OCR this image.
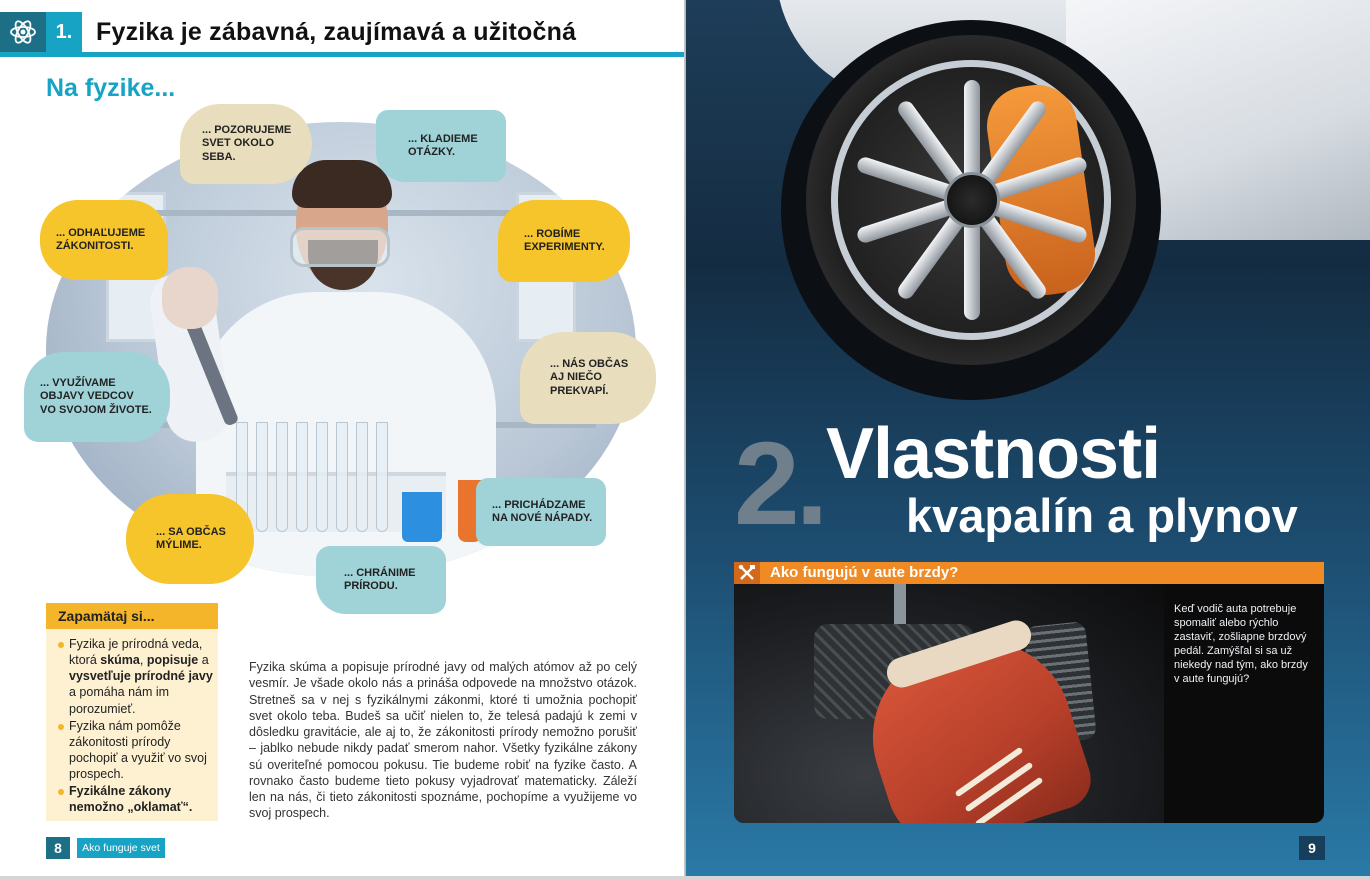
1. Fyzika je zábavná, zaujímavá a užitočná
Na fyzike...
... POZORUJEME
SVET OKOLO
SEBA.
... KLADIEME
OTÁZKY.
... ODHAĽUJEME
ZÁKONITOSTI.
... ROBÍME
EXPERIMENTY.
... VYUŽÍVAME
OBJAVY VEDCOV
VO SVOJOM ŽIVOTE.
... NÁS OBČAS
AJ NIEČO
PREKVAPÍ.
... PRICHÁDZAME
NA NOVÉ NÁPADY.
... SA OBČAS
MÝLIME.
... CHRÁNIME
PRÍRODU.
Zapamätaj si...
Fyzika je prírodná veda, ktorá skúma, popisuje a vysvetľuje prírodné javy a pomáha nám im porozumieť.
Fyzika nám pomôže zákonitosti prírody pochopiť a využiť vo svoj prospech.
Fyzikálne zákony nemožno „oklamať“.
Fyzika skúma a popisuje prírodné javy od malých atómov až po celý vesmír. Je všade okolo nás a prináša odpovede na množstvo otázok. Stretneš sa v nej s fyzikálnymi zákonmi, ktoré ti umožnia pochopiť svet okolo teba. Budeš sa učiť nielen to, že telesá padajú k zemi v dôsledku gravitácie, ale aj to, že zákonitosti prírody nemožno porušiť – jablko nebude nikdy padať smerom nahor. Všetky fyzikálne zákony sú overiteľné pomocou pokusu. Tie budeme robiť na fyzike často. A rovnako často budeme tieto pokusy vyjadrovať matematicky. Záleží len na nás, či tieto zákonitosti spoznáme, pochopíme a využijeme vo svoj prospech.
8	Ako funguje svet
2. Vlastnosti
kvapalín a plynov
Ako fungujú v aute brzdy?
Keď vodič auta potrebuje spomaliť alebo rýchlo zastaviť, zošliapne brzdový pedál. Zamýšľal si sa už niekedy nad tým, ako brzdy v aute fungujú?
9
